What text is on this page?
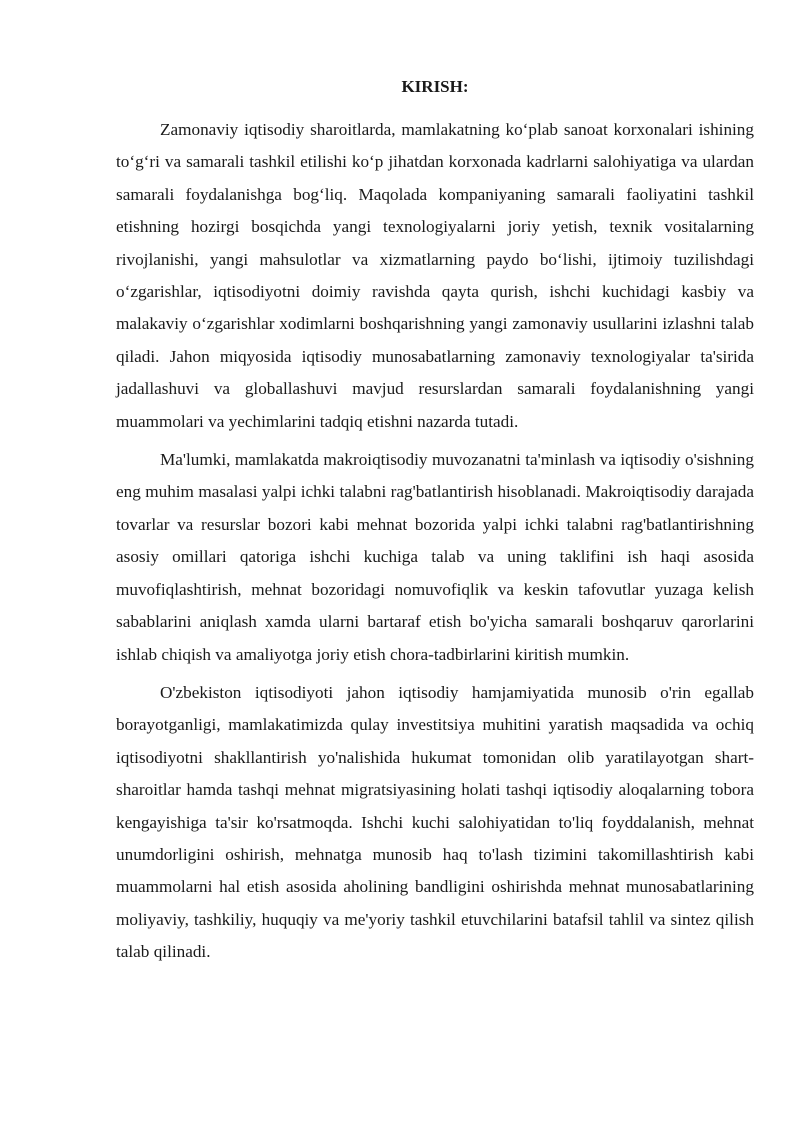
KIRISH:

Zamonaviy iqtisodiy sharoitlarda, mamlakatning ko‘plab sanoat korxonalari ishining to‘g‘ri va samarali tashkil etilishi ko‘p jihatdan korxonada kadrlarni salohiyatiga va ulardan samarali foydalanishga bog‘liq. Maqolada kompaniyaning samarali faoliyatini tashkil etishning hozirgi bosqichda yangi texnologiyalarni joriy yetish, texnik vositalarning rivojlanishi, yangi mahsulotlar va xizmatlarning paydo bo‘lishi, ijtimoiy tuzilishdagi o‘zgarishlar, iqtisodiyotni doimiy ravishda qayta qurish, ishchi kuchidagi kasbiy va malakaviy o‘zgarishlar xodimlarni boshqarishning yangi zamonaviy usullarini izlashni talab qiladi. Jahon miqyosida iqtisodiy munosabatlarning zamonaviy texnologiyalar ta'sirida jadallashuvi va globallashuvi mavjud resurslardan samarali foydalanishning yangi muammolari va yechimlarini tadqiq etishni nazarda tutadi.

Ma'lumki, mamlakatda makroiqtisodiy muvozanatni ta'minlash va iqtisodiy o'sishning eng muhim masalasi yalpi ichki talabni rag'batlantirish hisoblanadi. Makroiqtisodiy darajada tovarlar va resurslar bozori kabi mehnat bozorida yalpi ichki talabni rag'batlantirishning asosiy omillari qatoriga ishchi kuchiga talab va uning taklifini ish haqi asosida muvofiqlashtirish, mehnat bozoridagi nomuvofiqlik va keskin tafovutlar yuzaga kelish sabablarini aniqlash xamda ularni bartaraf etish bo'yicha samarali boshqaruv qarorlarini ishlab chiqish va amaliyotga joriy etish chora-tadbirlarini kiritish mumkin.

O'zbekiston iqtisodiyoti jahon iqtisodiy hamjamiyatida munosib o'rin egallab borayotganligi, mamlakatimizda qulay investitsiya muhitini yaratish maqsadida va ochiq iqtisodiyotni shakllantirish yo'nalishida hukumat tomonidan olib yaratilayotgan shart-sharoitlar hamda tashqi mehnat migratsiyasining holati tashqi iqtisodiy aloqalarning tobora kengayishiga ta'sir ko'rsatmoqda. Ishchi kuchi salohiyatidan to'liq foyddalanish, mehnat unumdorligini oshirish, mehnatga munosib haq to'lash tizimini takomillashtirish kabi muammolarni hal etish asosida aholining bandligini oshirishda mehnat munosabatlarining moliyaviy, tashkiliy, huquqiy va me'yoriy tashkil etuvchilarini batafsil tahlil va sintez qilish talab qilinadi.
